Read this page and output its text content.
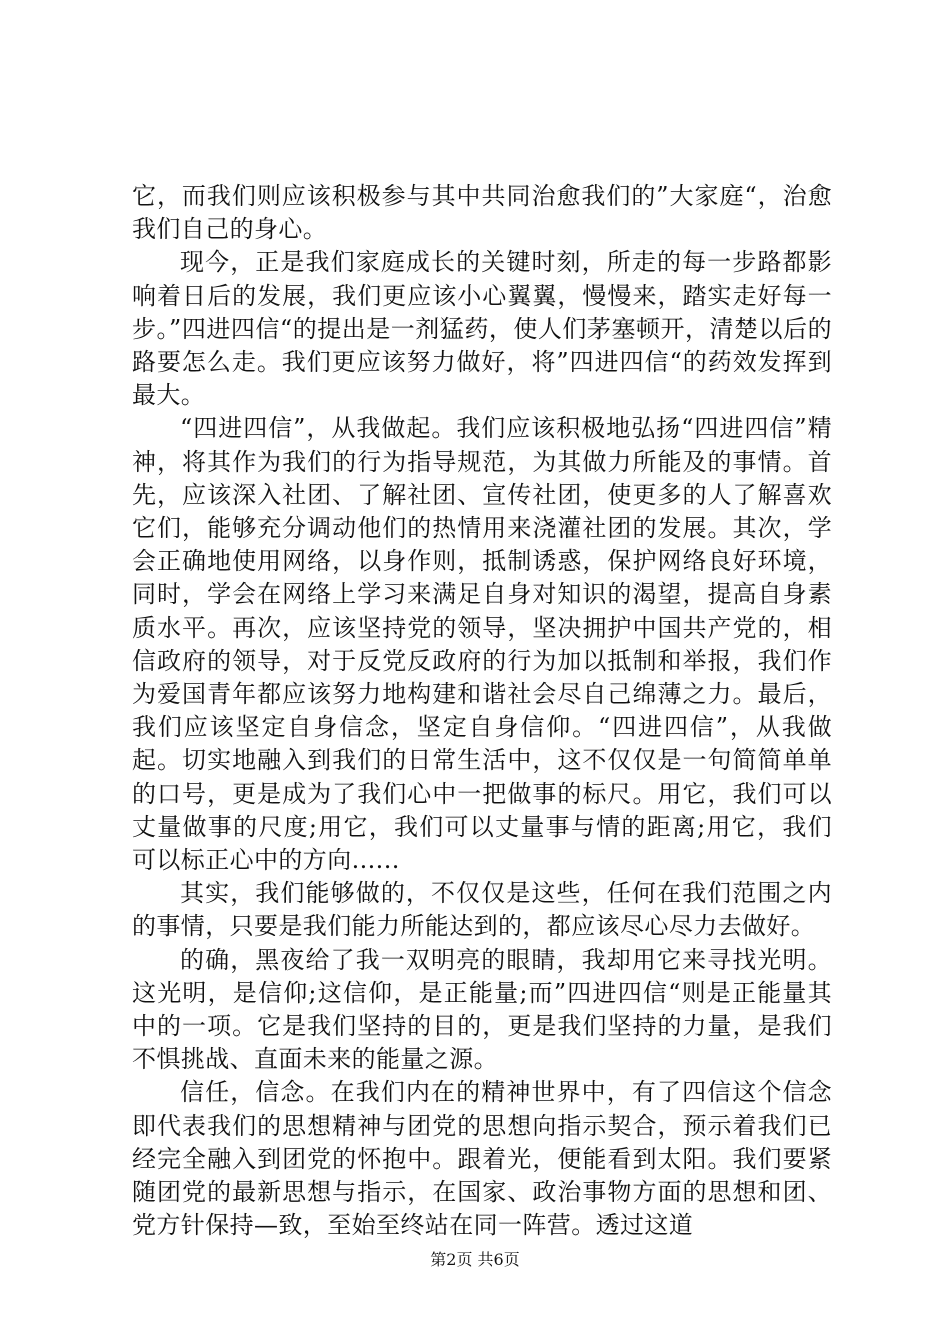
它，而我们则应该积极参与其中共同治愈我们的”大家庭“，治愈我们自己的身心。

现今，正是我们家庭成长的关键时刻，所走的每一步路都影响着日后的发展，我们更应该小心翼翼，慢慢来，踏实走好每一步。”四进四信“的提出是一剂猛药，使人们茅塞顿开，清楚以后的路要怎么走。我们更应该努力做好，将”四进四信“的药效发挥到最大。

“四进四信”，从我做起。我们应该积极地弘扬“四进四信”精神，将其作为我们的行为指导规范，为其做力所能及的事情。首先，应该深入社团、了解社团、宣传社团，使更多的人了解喜欢它们，能够充分调动他们的热情用来浇灌社团的发展。其次，学会正确地使用网络，以身作则，抵制诱惑，保护网络良好环境，同时，学会在网络上学习来满足自身对知识的渴望，提高自身素质水平。再次，应该坚持党的领导，坚决拥护中国共产党的，相信政府的领导，对于反党反政府的行为加以抵制和举报，我们作为爱国青年都应该努力地构建和谐社会尽自己绵薄之力。最后，我们应该坚定自身信念，坚定自身信仰。“四进四信”，从我做起。切实地融入到我们的日常生活中，这不仅仅是一句简简单单的口号，更是成为了我们心中一把做事的标尺。用它，我们可以丈量做事的尺度;用它，我们可以丈量事与情的距离;用它，我们可以标正心中的方向......

其实，我们能够做的，不仅仅是这些，任何在我们范围之内的事情，只要是我们能力所能达到的，都应该尽心尽力去做好。

的确，黑夜给了我一双明亮的眼睛，我却用它来寻找光明。这光明，是信仰;这信仰，是正能量;而”四进四信“则是正能量其中的一项。它是我们坚持的目的，更是我们坚持的力量，是我们不惧挑战、直面未来的能量之源。

信任，信念。在我们内在的精神世界中，有了四信这个信念即代表我们的思想精神与团党的思想向指示契合，预示着我们已经完全融入到团党的怀抱中。跟着光，便能看到太阳。我们要紧随团党的最新思想与指示，在国家、政治事物方面的思想和团、党方针保持—致，至始至终站在同一阵营。透过这道

第2页 共6页
